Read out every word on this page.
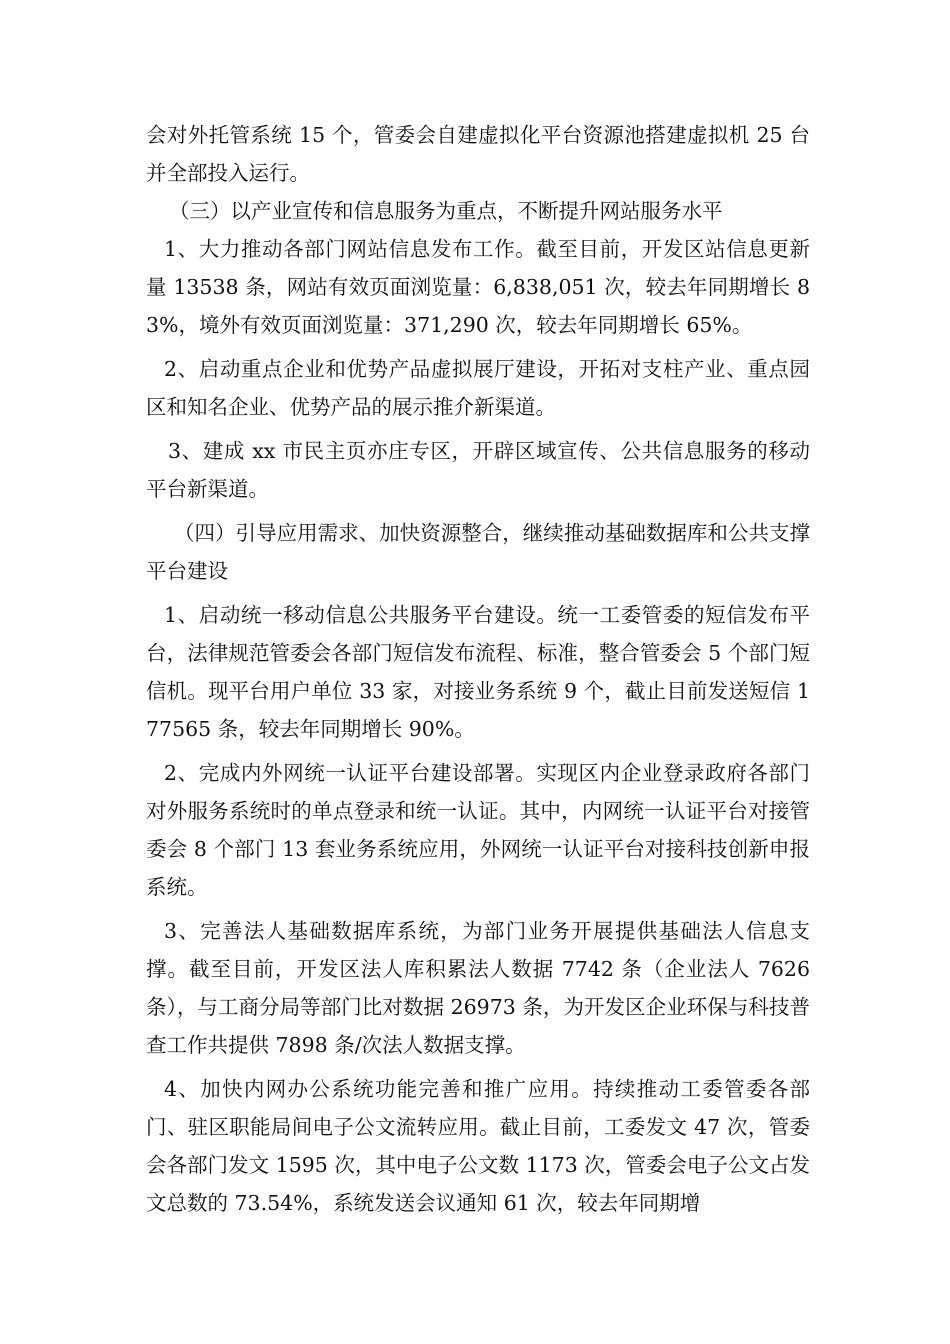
会对外托管系统 15 个，管委会自建虚拟化平台资源池搭建虚拟机 25 台并全部投入运行。

（三）以产业宣传和信息服务为重点，不断提升网站服务水平

1、大力推动各部门网站信息发布工作。截至目前，开发区站信息更新量 13538 条，网站有效页面浏览量：6,838,051 次，较去年同期增长 83%，境外有效页面浏览量：371,290 次，较去年同期增长 65%。

2、启动重点企业和优势产品虚拟展厅建设，开拓对支柱产业、重点园区和知名企业、优势产品的展示推介新渠道。

3、建成 xx 市民主页亦庄专区，开辟区域宣传、公共信息服务的移动平台新渠道。

（四）引导应用需求、加快资源整合，继续推动基础数据库和公共支撑平台建设

1、启动统一移动信息公共服务平台建设。统一工委管委的短信发布平台，法律规范管委会各部门短信发布流程、标准，整合管委会 5 个部门短信机。现平台用户单位 33 家，对接业务系统 9 个，截止目前发送短信 177565 条，较去年同期增长 90%。

2、完成内外网统一认证平台建设部署。实现区内企业登录政府各部门对外服务系统时的单点登录和统一认证。其中，内网统一认证平台对接管委会 8 个部门 13 套业务系统应用，外网统一认证平台对接科技创新申报系统。

3、完善法人基础数据库系统，为部门业务开展提供基础法人信息支撑。截至目前，开发区法人库积累法人数据 7742 条（企业法人 7626 条），与工商分局等部门比对数据 26973 条，为开发区企业环保与科技普查工作共提供 7898 条/次法人数据支撑。

4、加快内网办公系统功能完善和推广应用。持续推动工委管委各部门、驻区职能局间电子公文流转应用。截止目前，工委发文 47 次，管委会各部门发文 1595 次，其中电子公文数 1173 次，管委会电子公文占发文总数的 73.54%，系统发送会议通知 61 次，较去年同期增
